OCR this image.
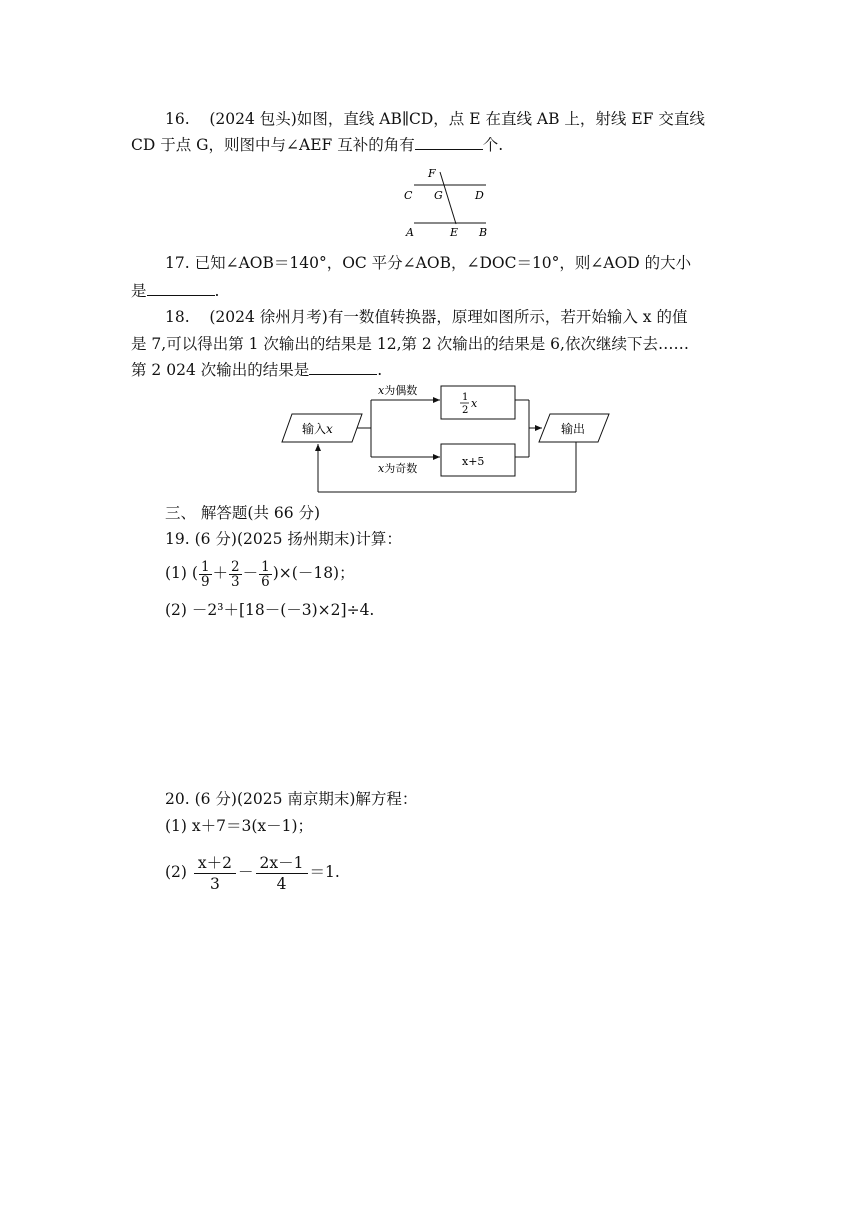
16. (2024 包头)如图，直线 AB∥CD，点 E 在直线 AB 上，射线 EF 交直线
CD 于点 G，则图中与∠AEF 互补的角有	个.
F
C G	D
A	E B
17. 已知∠AOB＝140°，OC 平分∠AOB，∠DOC＝10°，则∠AOD 的大小
是	.
18. (2024 徐州月考)有一数值转换器，原理如图所示，若开始输入 x 的值
是 7,可以得出第 1 次输出的结果是 12,第 2 次输出的结果是 6,依次继续下去……
第 2 024 次输出的结果是	.
输入x
x为偶数
x为奇数
1
2
x
x+5
输出
三、 解答题(共 66 分)
19. (6 分)(2025 扬州期末)计算：
(1) ( $\frac{1}{9} + \frac{2}{3} - \frac{1}{6} )\times(-18)$；
(2) －2³＋[18－(－3)×2]÷4.
20. (6 分)(2025 南京期末)解方程：
(1) x＋7＝3(x－1)；
$(2) \frac{x+2}{3} - \frac{2x-1}{4} =1$.
